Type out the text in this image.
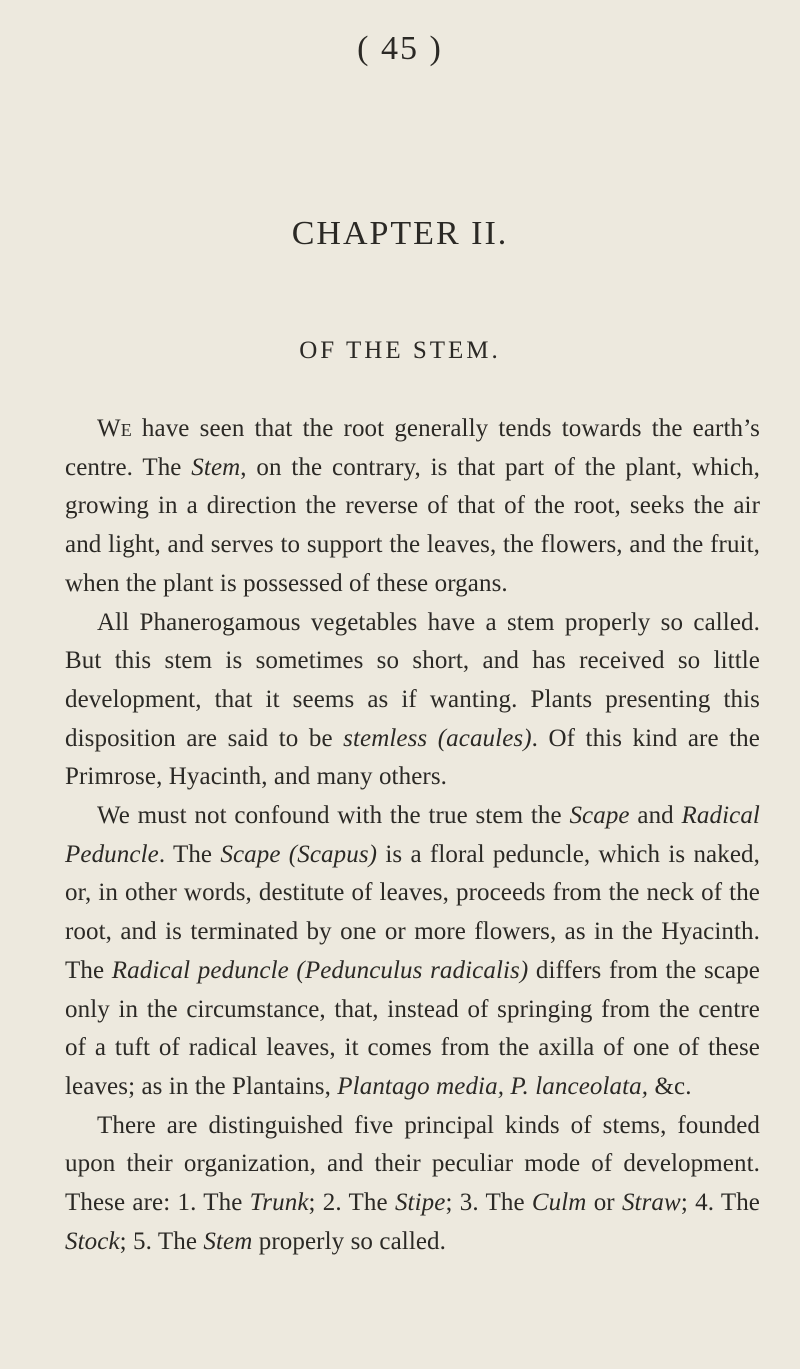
( 45 )
CHAPTER II.
OF THE STEM.

We have seen that the root generally tends towards the earth’s centre. The Stem, on the contrary, is that part of the plant, which, growing in a direction the reverse of that of the root, seeks the air and light, and serves to support the leaves, the flowers, and the fruit, when the plant is possessed of these organs.

All Phanerogamous vegetables have a stem properly so called. But this stem is sometimes so short, and has received so little development, that it seems as if wanting. Plants presenting this disposition are said to be stemless (acaules). Of this kind are the Primrose, Hyacinth, and many others.

We must not confound with the true stem the Scape and Radical Peduncle. The Scape (Scapus) is a floral peduncle, which is naked, or, in other words, destitute of leaves, proceeds from the neck of the root, and is terminated by one or more flowers, as in the Hyacinth. The Radical peduncle (Pedunculus radicalis) differs from the scape only in the circumstance, that, instead of springing from the centre of a tuft of radical leaves, it comes from the axilla of one of these leaves; as in the Plantains, Plantago media, P. lanceolata, &c.

There are distinguished five principal kinds of stems, founded upon their organization, and their peculiar mode of development. These are: 1. The Trunk; 2. The Stipe; 3. The Culm or Straw; 4. The Stock; 5. The Stem properly so called.
